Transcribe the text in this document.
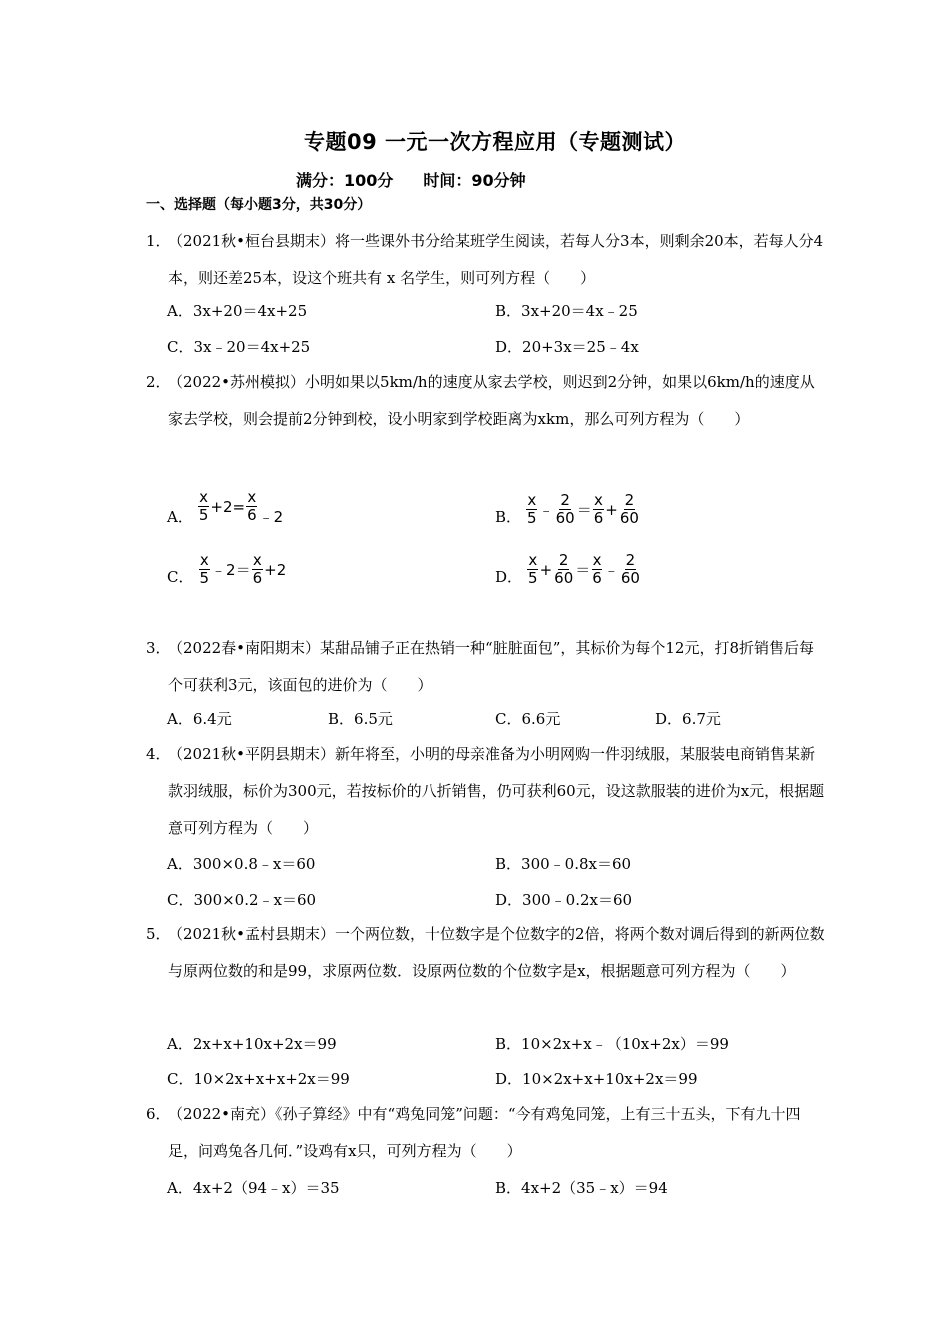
专题09 一元一次方程应用（专题测试）
满分：100分 时间：90分钟
一、选择题（每小题3分，共30分）
1．
（2021秋•桓台县期末）将一些课外书分给某班学生阅读，若每人分3本，则剩余20本，若每人分4本，则还差25本，设这个班共有 x 名学生，则可列方程（　　）
A．3x+20＝4x+25	B．3x+20＝4x﹣25
C．3x﹣20＝4x+25	D．20+3x＝25﹣4x
2．
（2022•苏州模拟）小明如果以5km/h的速度从家去学校，则迟到2分钟，如果以6km/h的速度从家去学校，则会提前2分钟到校，设小明家到学校距离为xkm，那么可列方程为（　　）
A． $\frac{x}{5} +2= \frac{x}{6}$ ﹣2	B． $\frac{x}{5}$ ﹣ $\frac{2}{60} = \frac{x}{6} + \frac{2}{60}$
C． $\frac{x}{5}$ ﹣2＝ $\frac{x}{6} +2$	D． $\frac{x}{5} + \frac{2}{60} = \frac{x}{6}$ ﹣ $\frac{2}{60}$
3．
（2022春•南阳期末）某甜品铺子正在热销一种“脏脏面包”，其标价为每个12元，打8折销售后每个可获利3元，该面包的进价为（　　）
A．6.4元	B．6.5元	C．6.6元	D．6.7元
4．
（2021秋•平阴县期末）新年将至，小明的母亲准备为小明网购一件羽绒服，某服装电商销售某新款羽绒服，标价为300元，若按标价的八折销售，仍可获利60元，设这款服装的进价为x元，根据题意可列方程为（　　）
A．300×0.8﹣x＝60	B．300﹣0.8x＝60
C．300×0.2﹣x＝60	D．300﹣0.2x＝60
5．
（2021秋•孟村县期末）一个两位数，十位数字是个位数字的2倍，将两个数对调后得到的新两位数与原两位数的和是99，求原两位数．设原两位数的个位数字是x，根据题意可列方程为（　　）
A．2x+x+10x+2x＝99	B．10×2x+x﹣（10x+2x）＝99
C．10×2x+x+x+2x＝99	D．10×2x+x+10x+2x＝99
6．
（2022•南充）《孙子算经》中有“鸡兔同笼”问题：“今有鸡兔同笼，上有三十五头，下有九十四足，问鸡兔各几何．”设鸡有x只，可列方程为（　　）
A．4x+2（94﹣x）＝35	B．4x+2（35﹣x）＝94
